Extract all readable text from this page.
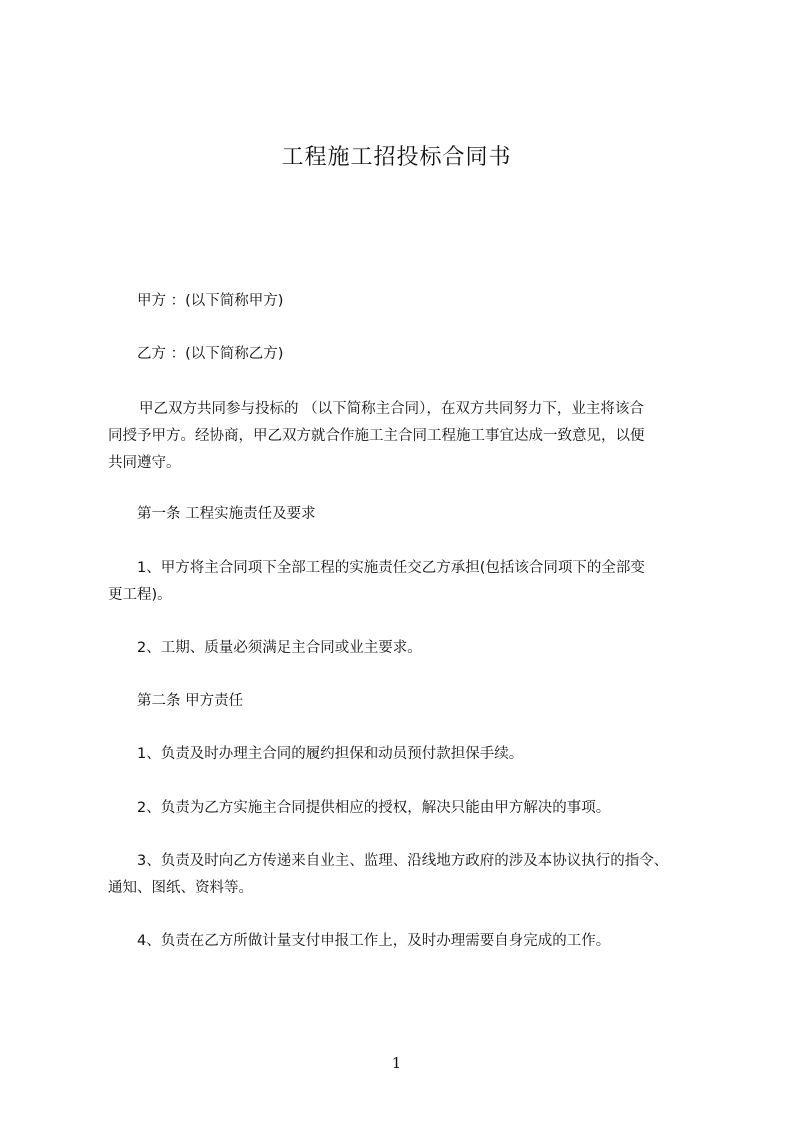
工程施工招投标合同书
甲方 ：(以下简称甲方)
乙方 ：(以下简称乙方)
甲乙双方共同参与投标的 （以下简称主合同），在双方共同努力下，业主将该合
同授予甲方。经协商，甲乙双方就合作施工主合同工程施工事宜达成一致意见，以便
共同遵守。
第一条 工程实施责任及要求
1、甲方将主合同项下全部工程的实施责任交乙方承担(包括该合同项下的全部变
更工程)。
2、工期、质量必须满足主合同或业主要求。
第二条 甲方责任
1、负责及时办理主合同的履约担保和动员预付款担保手续。
2、负责为乙方实施主合同提供相应的授权，解决只能由甲方解决的事项。
3、负责及时向乙方传递来自业主、监理、沿线地方政府的涉及本协议执行的指令、
通知、图纸、资料等。
4、负责在乙方所做计量支付申报工作上，及时办理需要自身完成的工作。
1
